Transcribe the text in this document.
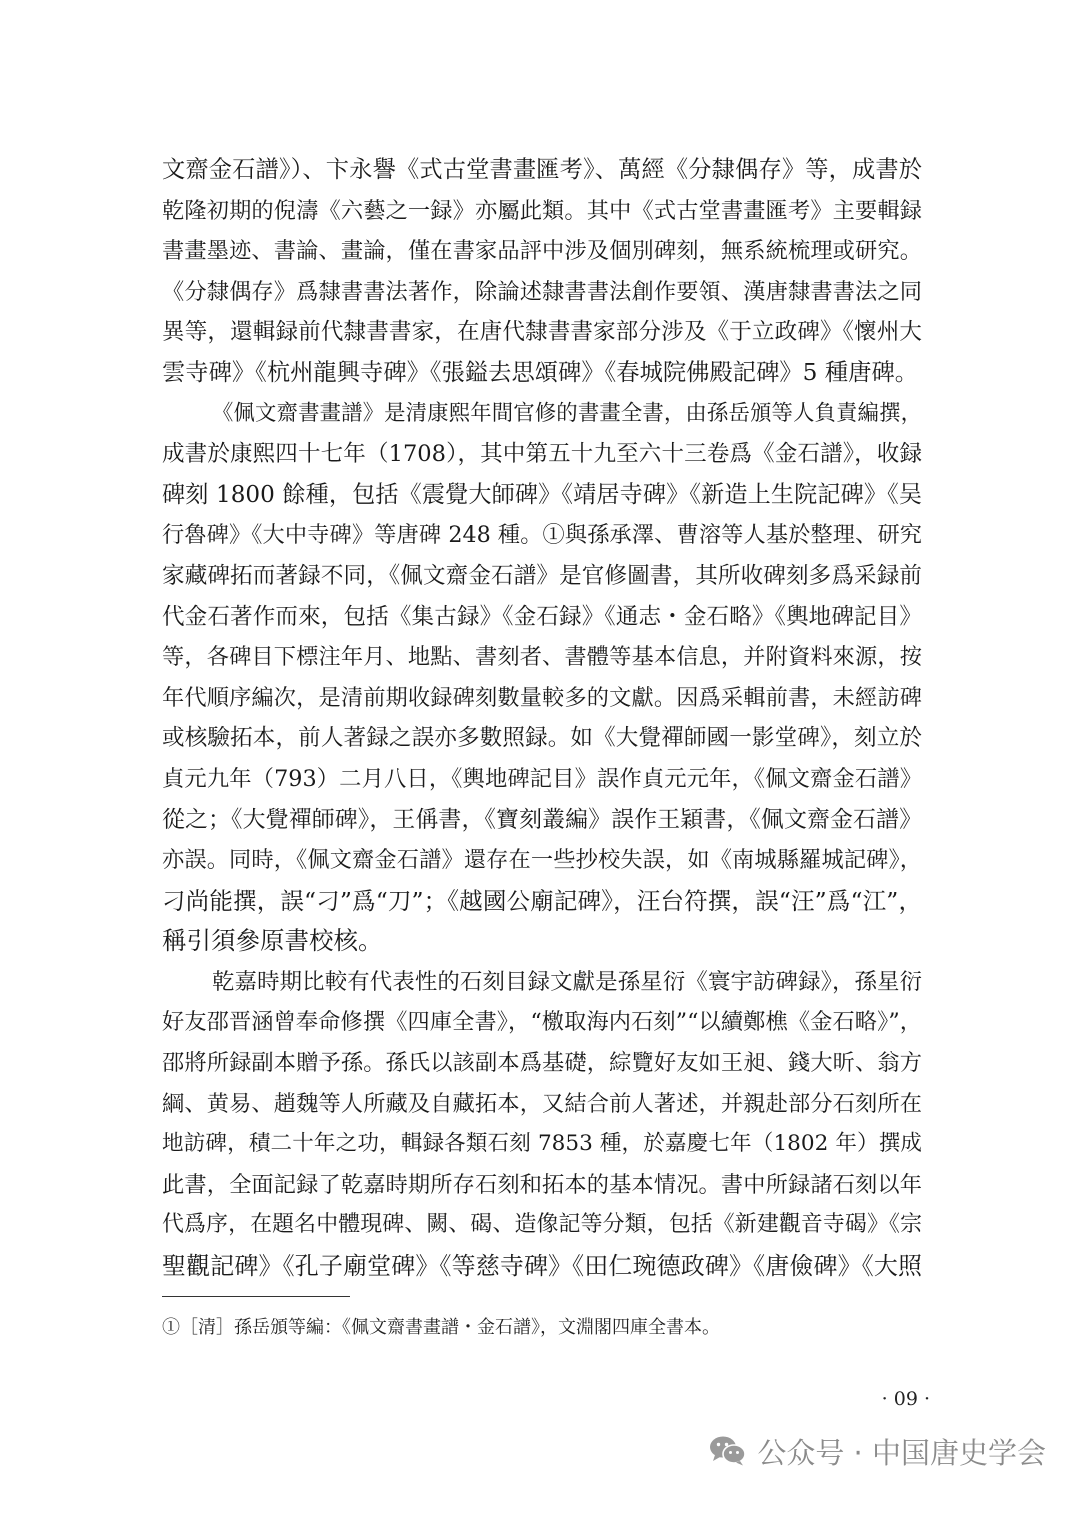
文齋金石譜》）、卞永譽《式古堂書畫匯考》、萬經《分隸偶存》等，成書於
乾隆初期的倪濤《六藝之一録》亦屬此類。其中《式古堂書畫匯考》主要輯録
書畫墨迹、書論、畫論，僅在書家品評中涉及個別碑刻，無系統梳理或研究。
《分隸偶存》爲隸書書法著作，除論述隸書書法創作要領、漢唐隸書書法之同
異等，還輯録前代隸書書家，在唐代隸書書家部分涉及《于立政碑》《懷州大
雲寺碑》《杭州龍興寺碑》《張鎰去思頌碑》《春城院佛殿記碑》5 種唐碑。
《佩文齋書畫譜》是清康熙年間官修的書畫全書，由孫岳頒等人負責編撰，
成書於康熙四十七年（1708），其中第五十九至六十三卷爲《金石譜》，收録
碑刻 1800 餘種，包括《震覺大師碑》《靖居寺碑》《新造上生院記碑》《吴
行魯碑》《大中寺碑》等唐碑 248 種。①與孫承澤、曹溶等人基於整理、研究
家藏碑拓而著録不同，《佩文齋金石譜》是官修圖書，其所收碑刻多爲采録前
代金石著作而來，包括《集古録》《金石録》《通志・金石略》《輿地碑記目》
等，各碑目下標注年月、地點、書刻者、書體等基本信息，并附資料來源，按
年代順序編次，是清前期收録碑刻數量較多的文獻。因爲采輯前書，未經訪碑
或核驗拓本，前人著録之誤亦多數照録。如《大覺禪師國一影堂碑》，刻立於
貞元九年（793）二月八日，《輿地碑記目》誤作貞元元年，《佩文齋金石譜》
從之；《大覺禪師碑》，王偁書，《寶刻叢編》誤作王穎書，《佩文齋金石譜》
亦誤。同時，《佩文齋金石譜》還存在一些抄校失誤，如《南城縣羅城記碑》，
刁尚能撰，誤“刁”爲“刀”；《越國公廟記碑》，汪台符撰，誤“汪”爲“江”，
稱引須參原書校核。
乾嘉時期比較有代表性的石刻目録文獻是孫星衍《寰宇訪碑録》，孫星衍
好友邵晋涵曾奉命修撰《四庫全書》，“檄取海内石刻”“以續鄭樵《金石略》”，
邵將所録副本贈予孫。孫氏以該副本爲基礎，綜覽好友如王昶、錢大昕、翁方
綱、黄易、趙魏等人所藏及自藏拓本，又結合前人著述，并親赴部分石刻所在
地訪碑，積二十年之功，輯録各類石刻 7853 種，於嘉慶七年（1802 年）撰成
此書，全面記録了乾嘉時期所存石刻和拓本的基本情况。書中所録諸石刻以年
代爲序，在題名中體現碑、闕、碣、造像記等分類，包括《新建觀音寺碣》《宗
聖觀記碑》《孔子廟堂碑》《等慈寺碑》《田仁琬德政碑》《唐儉碑》《大照
①［清］孫岳頒等編：《佩文齋書畫譜・金石譜》，文淵閣四庫全書本。
· 09 ·
公众号 · 中国唐史学会
